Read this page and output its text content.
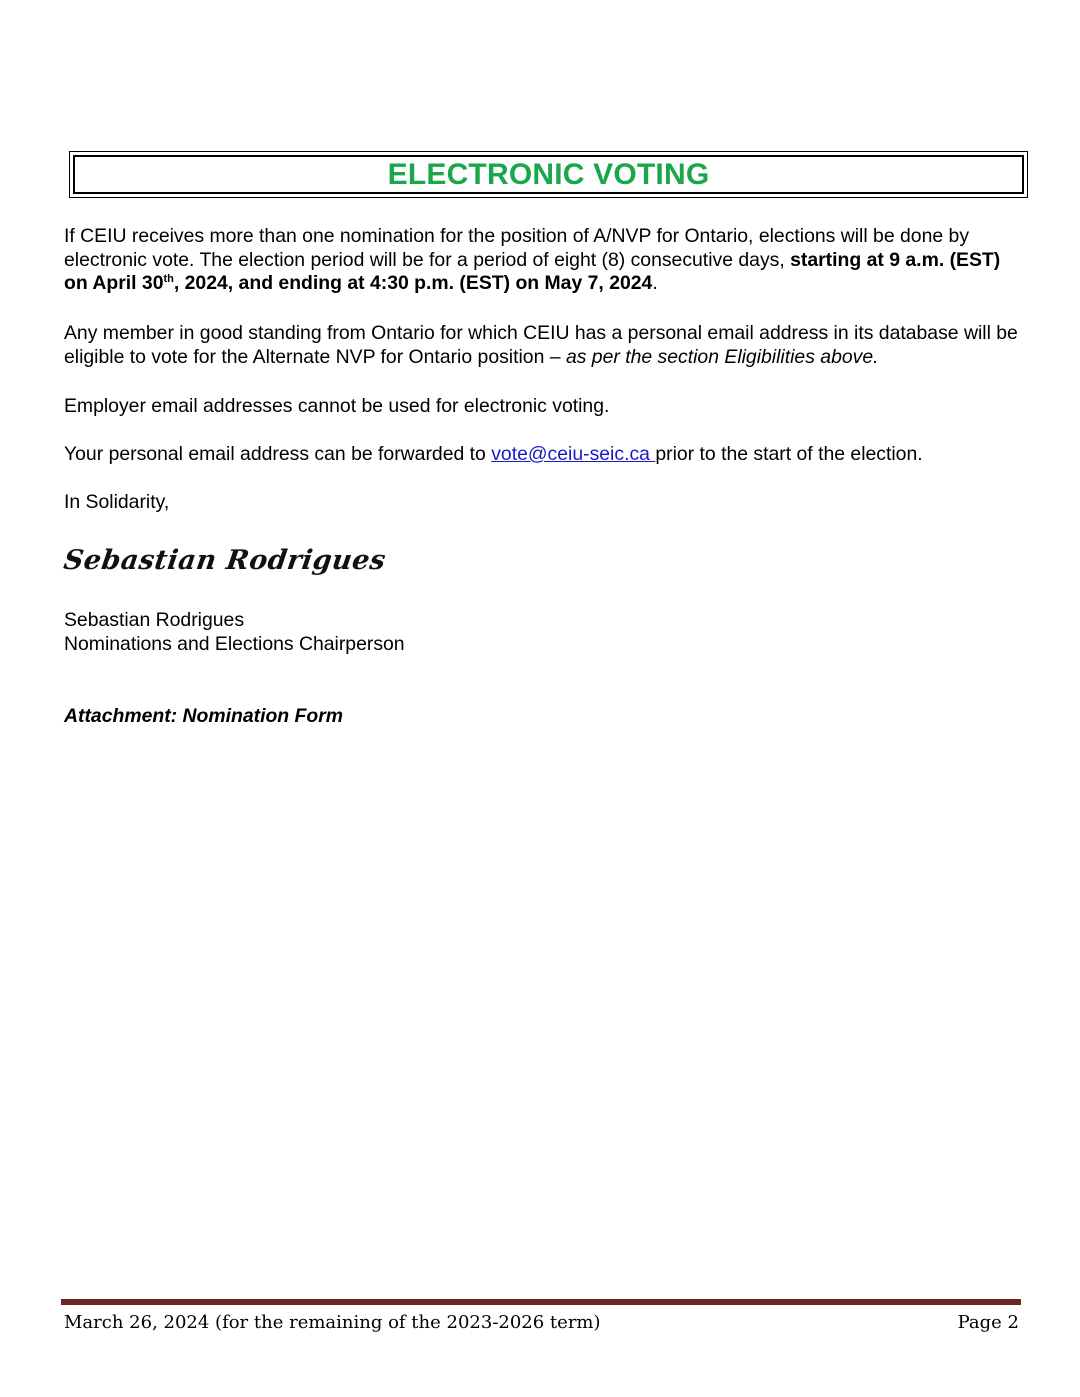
ELECTRONIC VOTING

If CEIU receives more than one nomination for the position of A/NVP for Ontario, elections will be done by electronic vote. The election period will be for a period of eight (8) consecutive days, starting at 9 a.m. (EST) on April 30th, 2024, and ending at 4:30 p.m. (EST) on May 7, 2024.

Any member in good standing from Ontario for which CEIU has a personal email address in its database will be eligible to vote for the Alternate NVP for Ontario position – as per the section Eligibilities above.

Employer email addresses cannot be used for electronic voting.

Your personal email address can be forwarded to vote@ceiu-seic.ca prior to the start of the election.

In Solidarity,

Sebastian Rodrigues

Sebastian Rodrigues
Nominations and Elections Chairperson

Attachment: Nomination Form
March 26, 2024 (for the remaining of the 2023-2026 term)	Page 2
